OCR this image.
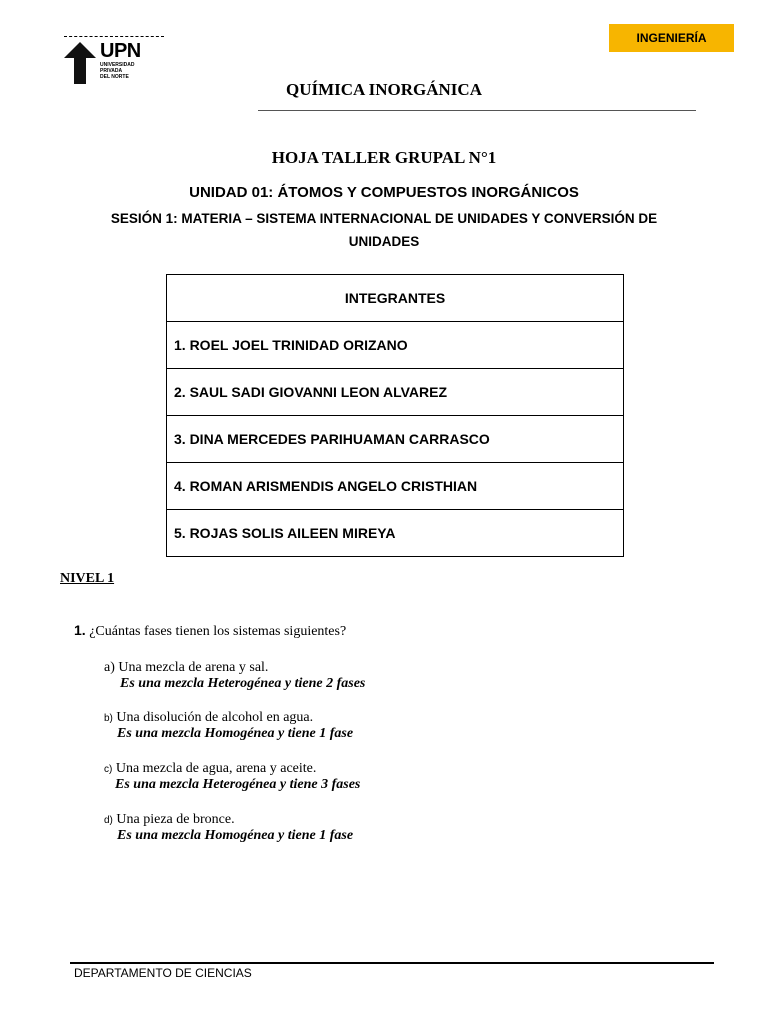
INGENIERÍA
UPN
UNIVERSIDAD
PRIVADA
DEL NORTE
QUÍMICA INORGÁNICA
HOJA TALLER GRUPAL N°1
UNIDAD 01: ÁTOMOS Y COMPUESTOS INORGÁNICOS
SESIÓN 1: MATERIA – SISTEMA INTERNACIONAL DE UNIDADES Y CONVERSIÓN DE UNIDADES
INTEGRANTES
1. ROEL JOEL TRINIDAD ORIZANO
2. SAUL SADI GIOVANNI LEON ALVAREZ
3. DINA MERCEDES PARIHUAMAN CARRASCO
4. ROMAN ARISMENDIS ANGELO CRISTHIAN
5. ROJAS SOLIS AILEEN MIREYA
NIVEL 1
1. ¿Cuántas fases tienen los sistemas siguientes?
a) Una mezcla de arena y sal.
Es una mezcla Heterogénea y tiene 2 fases
b) Una disolución de alcohol en agua.
Es una mezcla Homogénea y tiene 1 fase
c) Una mezcla de agua, arena y aceite.
Es una mezcla Heterogénea y tiene 3 fases
d) Una pieza de bronce.
Es una mezcla Homogénea y tiene 1 fase
DEPARTAMENTO DE CIENCIAS
